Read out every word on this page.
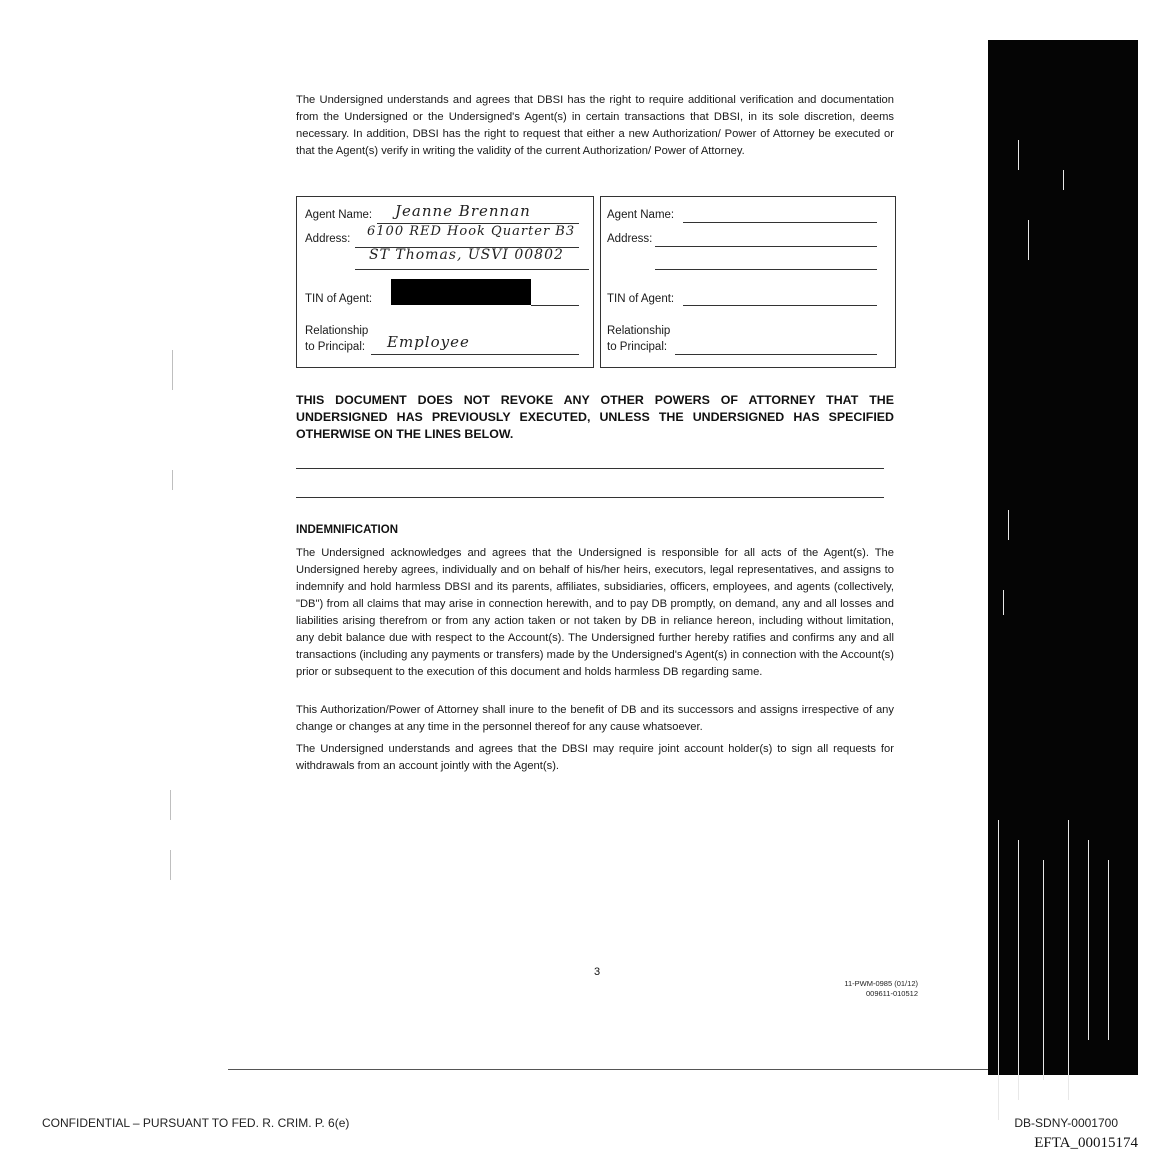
The Undersigned understands and agrees that DBSI has the right to require additional verification and documentation from the Undersigned or the Undersigned's Agent(s) in certain transactions that DBSI, in its sole discretion, deems necessary. In addition, DBSI has the right to request that either a new Authorization/ Power of Attorney be executed or that the Agent(s) verify in writing the validity of the current Authorization/ Power of Attorney.
Agent Name: Jeanne Brennan
Address: 6100 RED Hook Quarter B3
ST Thomas, USVI 00802
TIN of Agent:
Relationship
to Principal: Employee
Agent Name:
Address:
TIN of Agent:
Relationship
to Principal:
THIS DOCUMENT DOES NOT REVOKE ANY OTHER POWERS OF ATTORNEY THAT THE UNDERSIGNED HAS PREVIOUSLY EXECUTED, UNLESS THE UNDERSIGNED HAS SPECIFIED OTHERWISE ON THE LINES BELOW.
INDEMNIFICATION
The Undersigned acknowledges and agrees that the Undersigned is responsible for all acts of the Agent(s). The Undersigned hereby agrees, individually and on behalf of his/her heirs, executors, legal representatives, and assigns to indemnify and hold harmless DBSI and its parents, affiliates, subsidiaries, officers, employees, and agents (collectively, "DB") from all claims that may arise in connection herewith, and to pay DB promptly, on demand, any and all losses and liabilities arising therefrom or from any action taken or not taken by DB in reliance hereon, including without limitation, any debit balance due with respect to the Account(s). The Undersigned further hereby ratifies and confirms any and all transactions (including any payments or transfers) made by the Undersigned's Agent(s) in connection with the Account(s) prior or subsequent to the execution of this document and holds harmless DB regarding same.
This Authorization/Power of Attorney shall inure to the benefit of DB and its successors and assigns irrespective of any change or changes at any time in the personnel thereof for any cause whatsoever.
The Undersigned understands and agrees that the DBSI may require joint account holder(s) to sign all requests for withdrawals from an account jointly with the Agent(s).
3
11-PWM-0985 (01/12)
009611-010512
CONFIDENTIAL – PURSUANT TO FED. R. CRIM. P. 6(e)	DB-SDNY-0001700
EFTA_00015174
